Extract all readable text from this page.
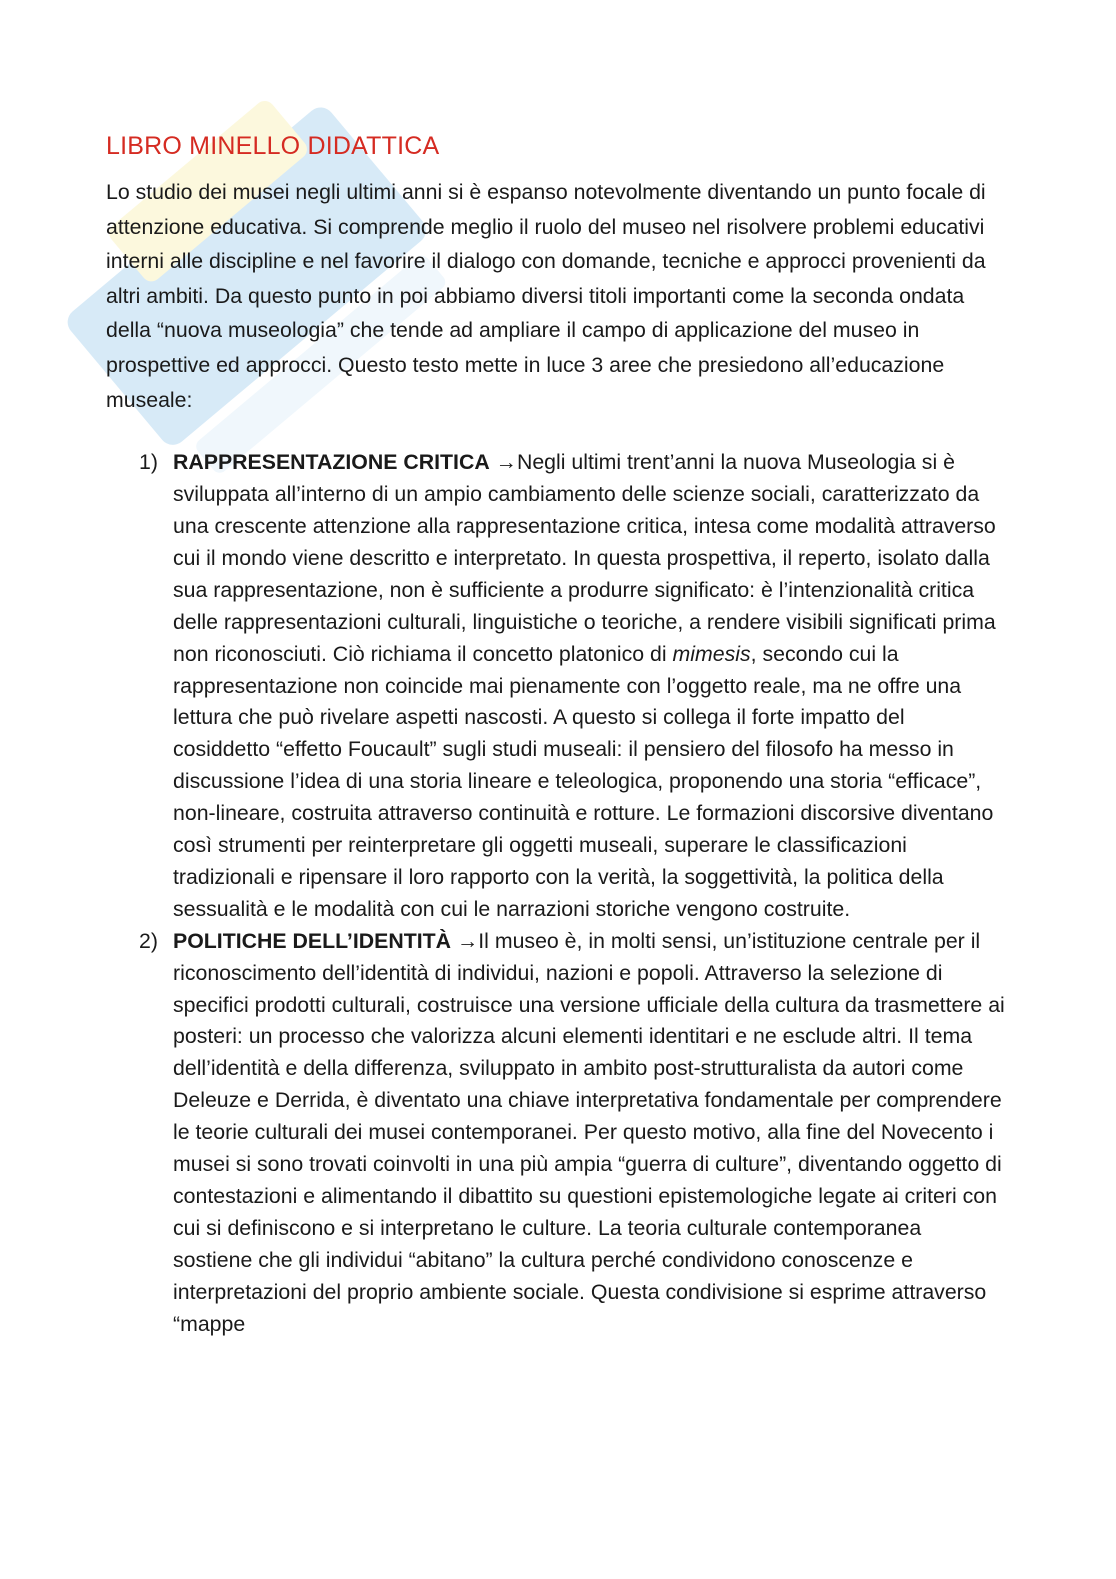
LIBRO MINELLO DIDATTICA

Lo studio dei musei negli ultimi anni si è espanso notevolmente diventando un punto focale di attenzione educativa. Si comprende meglio il ruolo del museo nel risolvere problemi educativi interni alle discipline e nel favorire il dialogo con domande, tecniche e approcci provenienti da altri ambiti. Da questo punto in poi abbiamo diversi titoli importanti come la seconda ondata della “nuova museologia” che tende ad ampliare il campo di applicazione del museo in prospettive ed approcci. Questo testo mette in luce 3 aree che presiedono all’educazione museale:

1) RAPPRESENTAZIONE CRITICA →Negli ultimi trent’anni la nuova Museologia si è sviluppata all’interno di un ampio cambiamento delle scienze sociali, caratterizzato da una crescente attenzione alla rappresentazione critica, intesa come modalità attraverso cui il mondo viene descritto e interpretato. In questa prospettiva, il reperto, isolato dalla sua rappresentazione, non è sufficiente a produrre significato: è l’intenzionalità critica delle rappresentazioni culturali, linguistiche o teoriche, a rendere visibili significati prima non riconosciuti. Ciò richiama il concetto platonico di mimesis, secondo cui la rappresentazione non coincide mai pienamente con l’oggetto reale, ma ne offre una lettura che può rivelare aspetti nascosti. A questo si collega il forte impatto del cosiddetto “effetto Foucault” sugli studi museali: il pensiero del filosofo ha messo in discussione l’idea di una storia lineare e teleologica, proponendo una storia “efficace”, non-lineare, costruita attraverso continuità e rotture. Le formazioni discorsive diventano così strumenti per reinterpretare gli oggetti museali, superare le classificazioni tradizionali e ripensare il loro rapporto con la verità, la soggettività, la politica della sessualità e le modalità con cui le narrazioni storiche vengono costruite.
2) POLITICHE DELL’IDENTITÀ →Il museo è, in molti sensi, un’istituzione centrale per il riconoscimento dell’identità di individui, nazioni e popoli. Attraverso la selezione di specifici prodotti culturali, costruisce una versione ufficiale della cultura da trasmettere ai posteri: un processo che valorizza alcuni elementi identitari e ne esclude altri. Il tema dell’identità e della differenza, sviluppato in ambito post-strutturalista da autori come Deleuze e Derrida, è diventato una chiave interpretativa fondamentale per comprendere le teorie culturali dei musei contemporanei. Per questo motivo, alla fine del Novecento i musei si sono trovati coinvolti in una più ampia “guerra di culture”, diventando oggetto di contestazioni e alimentando il dibattito su questioni epistemologiche legate ai criteri con cui si definiscono e si interpretano le culture. La teoria culturale contemporanea sostiene che gli individui “abitano” la cultura perché condividono conoscenze e interpretazioni del proprio ambiente sociale. Questa condivisione si esprime attraverso “mappe
